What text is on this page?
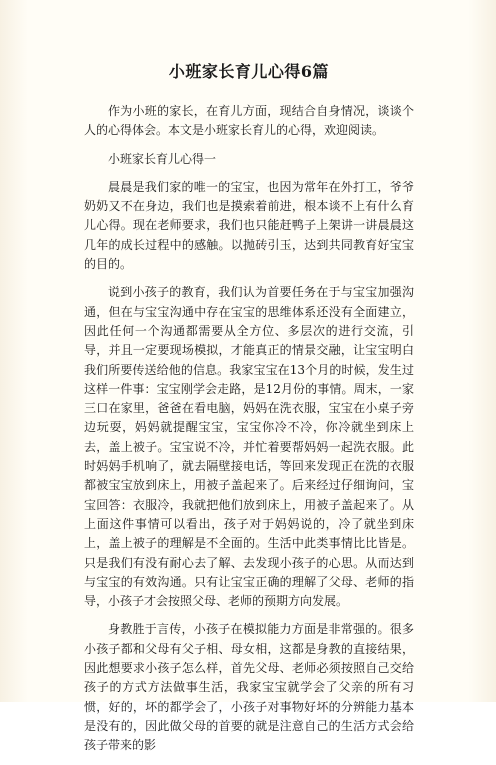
小班家长育儿心得6篇

作为小班的家长，在育儿方面，现结合自身情况，谈谈个人的心得体会。本文是小班家长育儿的心得，欢迎阅读。

小班家长育儿心得一

晨晨是我们家的唯一的宝宝，也因为常年在外打工，爷爷奶奶又不在身边，我们也是摸索着前进，根本谈不上有什么育儿心得。现在老师要求，我们也只能赶鸭子上架讲一讲晨晨这几年的成长过程中的感触。以抛砖引玉，达到共同教育好宝宝的目的。

说到小孩子的教育，我们认为首要任务在于与宝宝加强沟通，但在与宝宝沟通中存在宝宝的思维体系还没有全面建立，因此任何一个沟通都需要从全方位、多层次的进行交流，引导，并且一定要现场模拟，才能真正的情景交融，让宝宝明白我们所要传送给他的信息。我家宝宝在13个月的时候，发生过这样一件事：宝宝刚学会走路，是12月份的事情。周末，一家三口在家里，爸爸在看电脑，妈妈在洗衣服，宝宝在小桌子旁边玩耍，妈妈就提醒宝宝，宝宝你冷不冷，你冷就坐到床上去，盖上被子。宝宝说不冷，并忙着要帮妈妈一起洗衣服。此时妈妈手机响了，就去隔壁接电话，等回来发现正在洗的衣服都被宝宝放到床上，用被子盖起来了。后来经过仔细询问，宝宝回答：衣服冷，我就把他们放到床上，用被子盖起来了。从上面这件事情可以看出，孩子对于妈妈说的，冷了就坐到床上，盖上被子的理解是不全面的。生活中此类事情比比皆是。只是我们有没有耐心去了解、去发现小孩子的心思。从而达到与宝宝的有效沟通。只有让宝宝正确的理解了父母、老师的指导，小孩子才会按照父母、老师的预期方向发展。

身教胜于言传，小孩子在模拟能力方面是非常强的。很多小孩子都和父母有父子相、母女相，这都是身教的直接结果，因此想要求小孩子怎么样，首先父母、老师必须按照自己交给孩子的方式方法做事生活，我家宝宝就学会了父亲的所有习惯，好的，坏的都学会了，小孩子对事物好坏的分辨能力基本是没有的，因此做父母的首要的就是注意自己的生活方式会给孩子带来的影
